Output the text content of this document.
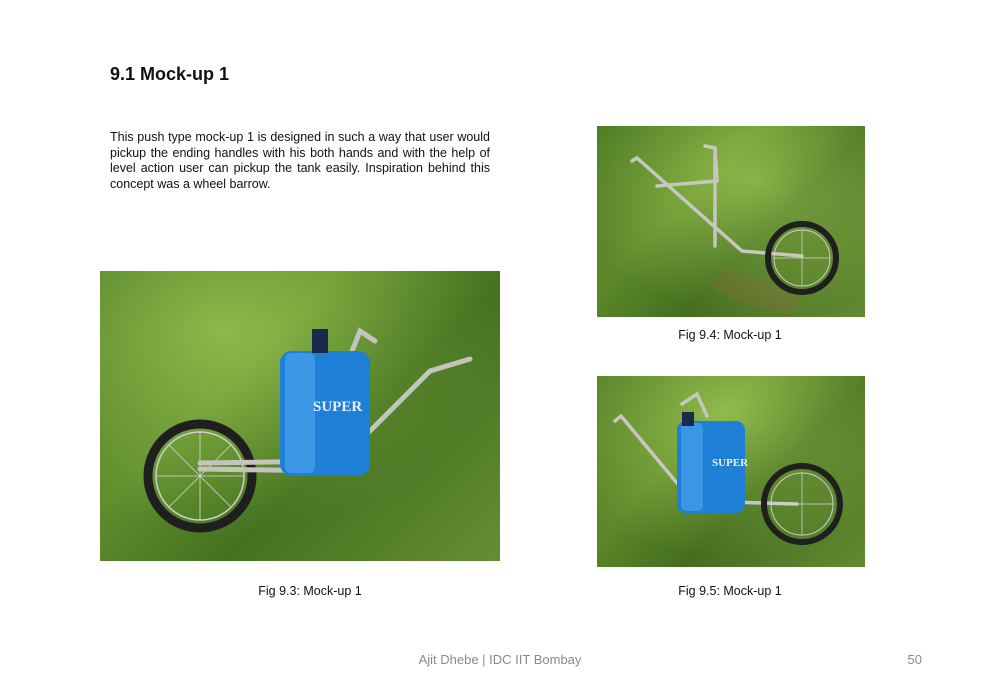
9.1 Mock-up 1
This push type mock-up 1 is designed in such a way that user would pickup the ending handles with his both hands and with the help of level action user can pickup the tank easily. Inspiration behind this concept was a wheel barrow.
SUPER
Fig 9.3: Mock-up 1
Fig 9.4: Mock-up 1
SUPER
Fig 9.5: Mock-up 1
Ajit Dhebe | IDC IIT Bombay	50
